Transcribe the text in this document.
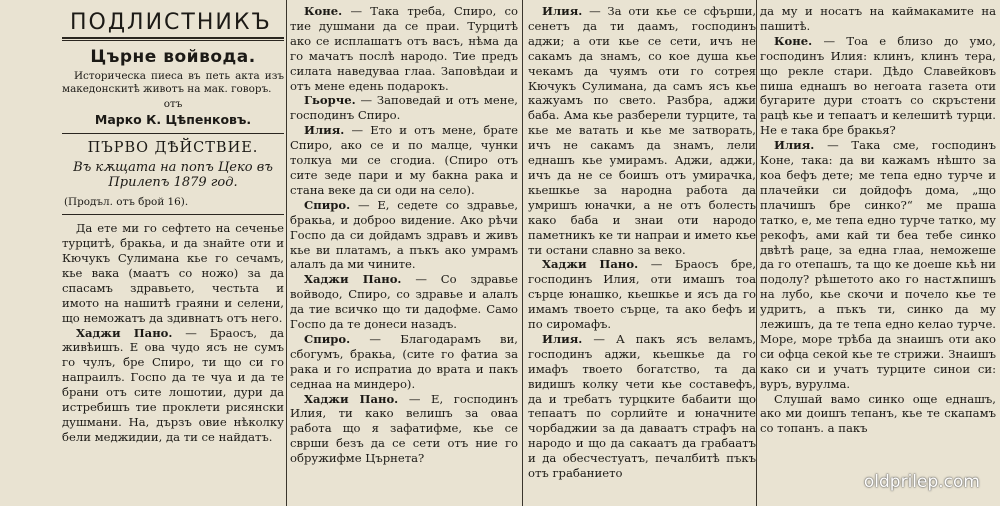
ПОДЛИСТНИКЪ
Църне войвода.

Историческа пиеса въ петь акта изъ македонскитѣ животъ на мак. говоръ.

отъ
Марко К. Цѣпенковъ.
ПЪРВО ДѢЙСТВИЕ.
Въ кѫщата на попъ Цеко въ Прилепъ 1879 год.
(Продъл. отъ брой 16).

Да ете ми го сефтето на сеченье турцитѣ, бракьа, и да знайте оти и Кючукъ Сулимана кье го сечамъ, кье вака (маатъ со ножо) за да спасамъ здравьето, честьта и имото на нашитѣ граяни и селени, що неможатъ да здивнатъ отъ него.

Хаджи Пано. — Браосъ, да живѣишъ. Е ова чудо ясъ не сумъ го чулъ, бре Спиро, ти що си го напраилъ. Госпо да те чуа и да те брани отъ сите лошотии, дури да истребишъ тие проклети рисянски душмани. На, дързъ овие нѣколку бели меджидии, да ти се найдатъ.

Коне. — Така треба, Спиро, со тие душмани да се праи. Турцитѣ ако се исплашатъ отъ васъ, нѣма да го мачатъ послѣ народо. Тие предъ силата наведуваа глаа. Заповѣдаи и отъ мене едень подарокъ.

Гьорче. — Заповедай и отъ мене, господинъ Спиро.

Илия. — Ето и отъ мене, брате Спиро, ако се и по малце, чунки толкуа ми се сгодиа. (Спиро отъ сите зеде пари и му бакна рака и стана веке да си оди на село).

Спиро. — Е, седете со здравье, бракьа, и доброо видение. Ако рѣчи Госпо да си дойдамъ здравъ и живъ кье ви платамъ, а пъкъ ако умрамъ алалъ да ми чините.

Хаджи Пано. — Со здравье войводо, Спиро, со здравье и алалъ да тие всичко що ти дадофме. Само Госпо да те донеси назадъ.

Спиро. — Благодарамъ ви, сбогумъ, бракьа, (сите го фатиа за рака и го испратиа до врата и пакъ седнаа на миндеро).

Хаджи Пано. — Е, господинъ Илия, ти како велишъ за оваа работа що я зафатифме, кье се сврши безъ да се сети отъ ние го обружифме Църнета?

Илия. — За оти кье се сфърши, сенетъ да ти даамъ, господинъ аджи; а оти кье се сети, ичъ не сакамъ да знамъ, со кое душа кье чекамъ да чуямъ оти го сотрея Кючукъ Сулимана, да самъ ясъ кье кажуамъ по свето. Разбра, аджи баба. Ама кье разберели турците, та кье ме ватать и кье ме затворать, ичъ не сакамъ да знамъ, лели еднашъ кье умирамъ. Аджи, аджи, ичъ да не се боишъ отъ умирачка, кьешкье за народна работа да умришъ юначки, а не отъ болесть како баба и знаи оти народо паметникъ ке ти напраи и името кье ти остани славно за веко.

Хаджи Пано. — Браосъ бре, господинъ Илия, оти имашъ тоа сърце юнашко, кьешкье и ясъ да го имамъ твоето сърце, та ако бефъ и по сиромафъ.

Илия. — А пакъ ясъ веламъ, господинъ аджи, кьешкье да го имафъ твоето богатство, та да видишъ колку чети кье составефъ, да и требатъ турцките бабаити що тепаатъ по сорлийте и юначните чорбаджии за да даваатъ страфъ на народо и що да сакаатъ да грабаатъ и да обесчестуатъ, печалбитѣ пъкъ отъ грабанието

да му и носатъ на каймакамите на пашитѣ.

Коне. — Тоа е близо до умо, господинъ Илия: клинъ, клинъ тера, що рекле стари. Дѣдо Славейковъ пиша еднашъ во негоата газета оти бугарите дури стоатъ со скръстени рацѣ кье и тепаатъ и келешитѣ турци. Не е така бре бракья?

Илия. — Така сме, господинъ Коне, така: да ви кажамъ нѣшто за коа бефъ дете; ме тепа едно турче и плачейки си дойдофъ дома, „що плачишъ бре синко?“ ме праша татко, е, ме тепа едно турче татко, му рекофъ, ами кай ти беа тебе синко двѣтѣ раце, за една глаа, неможеше да го отепашъ, та що ке доеше кьѣ ни подолу? рѣшетото ако го настѫпишъ на лубо, кье скочи и почело кье те удритъ, а пъкъ ти, синко да му лежишъ, да те тепа едно келао турче. Море, море трѣба да знаишъ оти ако си офца секой кье те стрижи. Знаишъ како си и учатъ турците синои си: вуръ, вурулма.

Слушай вамо синко още еднашъ, ако ми доишъ тепанъ, кье те скапамъ со топанъ. а пакъ

oldprilep.com
